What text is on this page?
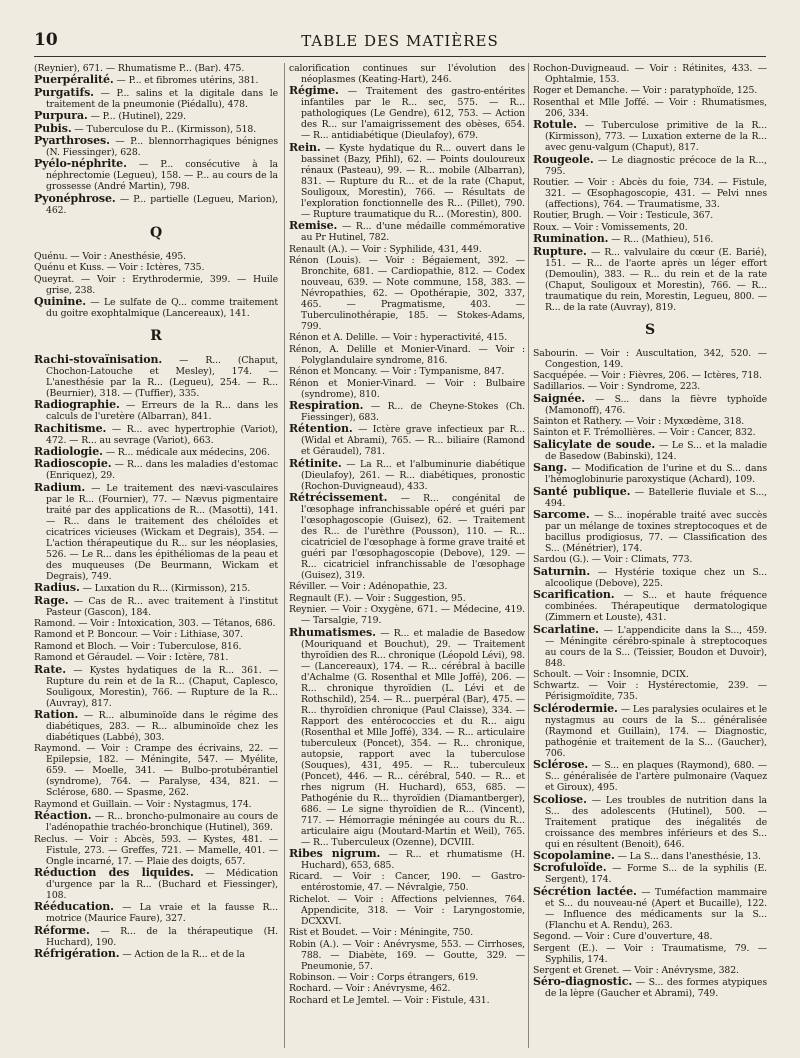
10	TABLE DES MATIÈRES

(Reynier), 671. — Rhumatisme P... (Bar). 475.

Puerpéralité. — P... et fibromes utérins, 381.

Purgatifs. — P... salins et la digitale dans le traitement de la pneumonie (Piédallu), 478.

Purpura. — P... (Hutinel), 229.

Pubis. — Tuberculose du P... (Kirmisson), 518.

Pyarthroses. — P... blennorrhagiques bénignes (N. Fiessinger), 628.

Pyélo-néphrite. — P... consécutive à la néphrectomie (Legueu), 158. — P... au cours de la grossesse (André Martin), 798.

Pyonéphrose. — P... partielle (Legueu, Marion), 462.

Q

Quénu. — Voir : Anesthésie, 495.

Quénu et Kuss. — Voir : Ictères, 735.

Queyrat. — Voir : Erythrodermie, 399. — Huile grise, 238.

Quinine. — Le sulfate de Q... comme traitement du goitre exophtalmique (Lancereaux), 141.

R

Rachi-stovaïnisation. — R... (Chaput, Chochon-Latouche et Mesley), 174. — L'anesthésie par la R... (Legueu), 254. — R... (Beurnier), 318. — (Tuffier), 335.

Radiographie. — Erreurs de la R... dans les calculs de l'uretère (Albarran), 841.

Rachitisme. — R... avec hypertrophie (Variot), 472. — R... au sevrage (Variot), 663.

Radiologie. — R... médicale aux médecins, 206.

Radioscopie. — R... dans les maladies d'estomac (Enriquez), 29.

Radium. — Le traitement des nævi-vasculaires par le R... (Fournier), 77. — Nævus pigmentaire traité par des applications de R... (Masotti), 141. — R... dans le traitement des chéloïdes et cicatrices vicieuses (Wickam et Degrais), 354. — L'action thérapeutique du R... sur les néoplasies, 526. — Le R... dans les épithéliomas de la peau et des muqueuses (De Beurmann, Wickam et Degrais), 749.

Radius. — Luxation du R... (Kirmisson), 215.

Rage. — Cas de R... avec traitement à l'institut Pasteur (Gascon), 184.

Ramond. — Voir : Intoxication, 303. — Tétanos, 686.

Ramond et P. Boncour. — Voir : Lithiase, 307.

Ramond et Bloch. — Voir : Tuberculose, 816.

Ramond et Géraudel. — Voir : Ictère, 781.

Rate. — Kystes hydatiques de la R... 361. — Rupture du rein et de la R... (Chaput, Caplesco, Souligoux, Morestin), 766. — Rupture de la R... (Auvray), 817.

Ration. — R... albuminoïde dans le régime des diabétiques, 283. — R... albuminoïde chez les diabétiques (Labbé), 303.

Raymond. — Voir : Crampe des écrivains, 22. — Epilepsie, 182. — Méningite, 547. — Myélite, 659. — Moelle, 341. — Bulbo-protubérantiel (syndrome), 764. — Paralyse, 434, 821. — Sclérose, 680. — Spasme, 262.

Raymond et Guillain. — Voir : Nystagmus, 174.

Réaction. — R... broncho-pulmonaire au cours de l'adénopathie trachéo-bronchique (Hutinel), 369.

Reclus. — Voir : Abcès, 593. — Kystes, 481. — Fistule, 273. — Greffes, 721. — Mamelle, 401. — Ongle incarné, 17. — Plaie des doigts, 657.

Réduction des liquides. — Médication d'urgence par la R... (Buchard et Fiessinger), 108.

Rééducation. — La vraie et la fausse R... motrice (Maurice Faure), 327.

Réforme. — R... de la thérapeutique (H. Huchard), 190.

Réfrigération. — Action de la R... et de la

calorification continues sur l'évolution des néoplasmes (Keating-Hart), 246.

Régime. — Traitement des gastro-entérites infantiles par le R... sec, 575. — R... pathologiques (Le Gendre), 612, 753. — Action des R... sur l'amaigrissement des obèses, 654. — R... antidiabétique (Dieulafoy), 679.

Rein. — Kyste hydatique du R... ouvert dans le bassinet (Bazy, Pfihl), 62. — Points douloureux rénaux (Pasteau), 99. — R... mobile (Albarran), 831. — Rupture du R... et de la rate (Chaput, Souligoux, Morestin), 766. — Résultats de l'exploration fonctionnelle des R... (Pillet), 790. — Rupture traumatique du R... (Morestin), 800.

Remise. — R... d'une médaille commémorative au Pr Hutinel, 782.

Renault (A.). — Voir : Syphilide, 431, 449.

Rénon (Louis). — Voir : Bégaiement, 392. — Bronchite, 681. — Cardiopathie, 812. — Codex nouveau, 639. — Note commune, 158, 383. — Névropathies, 62. — Opothérapie, 302, 337, 465. — Pragmatisme, 403. — Tuberculinothérapie, 185. — Stokes-Adams, 799.

Rénon et A. Delille. — Voir : hyperactivité, 415.

Rénon, A. Delille et Monier-Vinard. — Voir : Polyglandulaire syndrome, 816.

Rénon et Moncany. — Voir : Tympanisme, 847.

Rénon et Monier-Vinard. — Voir : Bulbaire (syndrome), 810.

Respiration. — R... de Cheyne-Stokes (Ch. Fiessinger), 683.

Rétention. — Ictère grave infectieux par R... (Widal et Abrami), 765. — R... biliaire (Ramond et Géraudel), 781.

Rétinite. — La R... et l'albuminurie diabétique (Dieulafoy), 261. — R... diabétiques, pronostic (Rochon-Duvigneaud), 433.

Rétrécissement. — R... congénital de l'œsophage infranchissable opéré et guéri par l'œsophagoscopie (Guisez), 62. — Traitement des R... de l'urèthre (Pousson), 110. — R... cicatriciel de l'œsophage à forme grave traité et guéri par l'œsophagoscopie (Debove), 129. — R... cicatriciel infranchissable de l'œsophage (Guisez), 319.

Réviller. — Voir : Adénopathie, 23.

Regnault (F.). — Voir : Suggestion, 95.

Reynier. — Voir : Oxygène, 671. — Médecine, 419. — Tarsalgie, 719.

Rhumatismes. — R... et maladie de Basedow (Mouriquand et Bouchut), 29. — Traitement thyroïdien des R... chronique (Léopold Lévi), 98. — (Lancereaux), 174. — R... cérébral à bacille d'Achalme (G. Rosenthal et Mlle Joffé), 206. — R... chronique thyroïdien (L. Lévi et de Rothschild), 254. — R... puerpéral (Bar), 475. — R... thyroïdien chronique (Paul Claisse), 334. — Rapport des entérococcies et du R... aigu (Rosenthal et Mlle Joffé), 334. — R... articulaire tuberculeux (Poncet), 354. — R... chronique, autopsie, rapport avec la tuberculose (Souques), 431, 495. — R... tuberculeux (Poncet), 446. — R... cérébral, 540. — R... et rhes nigrum (H. Huchard), 653, 685. — Pathogénie du R... thyroïdien (Diamantberger), 686. — Le signe thyroïdien de R... (Vincent), 717. — Hémorragie méningée au cours du R... articulaire aigu (Moutard-Martin et Weil), 765. — R... Tuberculeux (Ozenne), DCVIII.

Ribes nigrum. — R... et rhumatisme (H. Huchard), 653, 685.

Ricard. — Voir : Cancer, 190. — Gastro-entérostomie, 47. — Névralgie, 750.

Richelot. — Voir : Affections pelviennes, 764. Appendicite, 318. — Voir : Laryngostomie, DCXXVI.

Rist et Boudet. — Voir : Méningite, 750.

Robin (A.). — Voir : Anévrysme, 553. — Cirrhoses, 788. — Diabète, 169. — Goutte, 329. — Pneumonie, 57.

Robinson. — Voir : Corps étrangers, 619.

Rochard. — Voir : Anévrysme, 462.

Rochard et Le Jemtel. — Voir : Fistule, 431.

Rochon-Duvigneaud. — Voir : Rétinites, 433. — Ophtalmie, 153.

Roger et Demanche. — Voir : paratyphoïde, 125.

Rosenthal et Mlle Joffé. — Voir : Rhumatismes, 206, 334.

Rotule. — Tuberculose primitive de la R... (Kirmisson), 773. — Luxation externe de la R... avec genu-valgum (Chaput), 817.

Rougeole. — Le diagnostic précoce de la R..., 795.

Routier. — Voir : Abcès du foie, 734. — Fistule, 321. — Œsophagoscopie, 431. — Pelvi nnes (affections), 764. — Traumatisme, 33.

Routier, Brugh. — Voir : Testicule, 367.

Roux. — Voir : Vomissements, 20.

Rumination. — R... (Mathieu), 516.

Rupture. — R... valvulaire du cœur (E. Barié), 151. — R... de l'aorte après un léger effort (Demoulin), 383. — R... du rein et de la rate (Chaput, Souligoux et Morestin), 766. — R... traumatique du rein, Morestin, Legueu, 800. — R... de la rate (Auvray), 819.

S

Sabourin. — Voir : Auscultation, 342, 520. — Congestion, 149.

Sacquépée. — Voir : Fièvres, 206. — Ictères, 718.

Sadillarios. — Voir : Syndrome, 223.

Saignée. — S... dans la fièvre typhoïde (Mamonoff), 476.

Sainton et Rathery. — Voir : Myxœdème, 318.

Sainton et F. Trémollières. — Voir : Cancer, 832.

Salicylate de soude. — Le S... et la maladie de Basedow (Babinski), 124.

Sang. — Modification de l'urine et du S... dans l'hémoglobinurie paroxystique (Achard), 109.

Santé publique. — Batellerie fluviale et S..., 494.

Sarcome. — S... inopérable traité avec succès par un mélange de toxines streptocoques et de bacillus prodigiosus, 77. — Classification des S... (Ménétrier), 174.

Sardou (G.). — Voir : Climats, 773.

Saturnin. — Hystérie toxique chez un S... alcoolique (Debove), 225.

Scarification. — S... et haute fréquence combinées. Thérapeutique dermatologique (Zimmern et Louste), 431.

Scarlatine. — L'appendicite dans la S..., 459. — Méningite cérébro-spinale à streptocoques au cours de la S... (Teissier, Boudon et Duvoir), 848.

Schoult. — Voir : Insomnie, DCIX.

Schwartz. — Voir : Hystérectomie, 239. — Périsigmoïdite, 735.

Sclérodermie. — Les paralysies oculaires et le nystagmus au cours de la S... généralisée (Raymond et Guillain), 174. — Diagnostic, pathogénie et traitement de la S... (Gaucher), 706.

Sclérose. — S... en plaques (Raymond), 680. — S... généralisée de l'artère pulmonaire (Vaquez et Giroux), 495.

Scoliose. — Les troubles de nutrition dans la S... des adolescents (Hutinel), 500. — Traitement pratique des inégalités de croissance des membres inférieurs et des S... qui en résultent (Benoit), 646.

Scopolamine. — La S... dans l'anesthésie, 13.

Scrofuloïde. — Forme S... de la syphilis (E. Sergent), 174.

Sécrétion lactée. — Tuméfaction mammaire et S... du nouveau-né (Apert et Bucaille), 122. — Influence des médicaments sur la S... (Flanchu et A. Rendu), 263.

Segond. — Voir : Cure d'ouverture, 48.

Sergent (E.). — Voir : Traumatisme, 79. — Syphilis, 174.

Sergent et Grenet. — Voir : Anévrysme, 382.

Séro-diagnostic. — S... des formes atypiques de la lèpre (Gaucher et Abrami), 749.
